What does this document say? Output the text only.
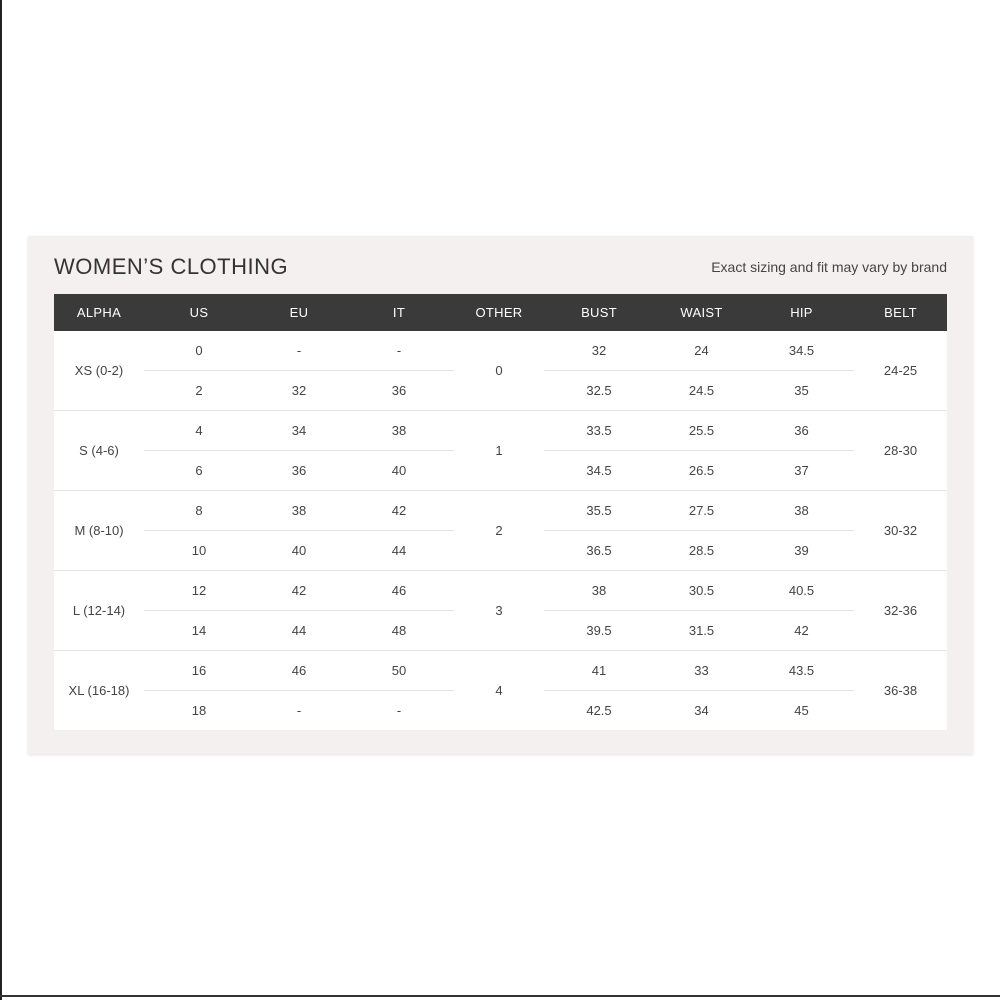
WOMEN’S CLOTHING	Exact sizing and fit may vary by brand
ALPHA	US	EU	IT	OTHER	BUST	WAIST	HIP	BELT
XS (0-2)	0	-	-	0	32	24	34.5	24-25
	2	32	36		32.5	24.5	35	
S (4-6)	4	34	38	1	33.5	25.5	36	28-30
	6	36	40		34.5	26.5	37	
M (8-10)	8	38	42	2	35.5	27.5	38	30-32
	10	40	44		36.5	28.5	39	
L (12-14)	12	42	46	3	38	30.5	40.5	32-36
	14	44	48		39.5	31.5	42	
XL (16-18)	16	46	50	4	41	33	43.5	36-38
	18	-	-		42.5	34	45	
